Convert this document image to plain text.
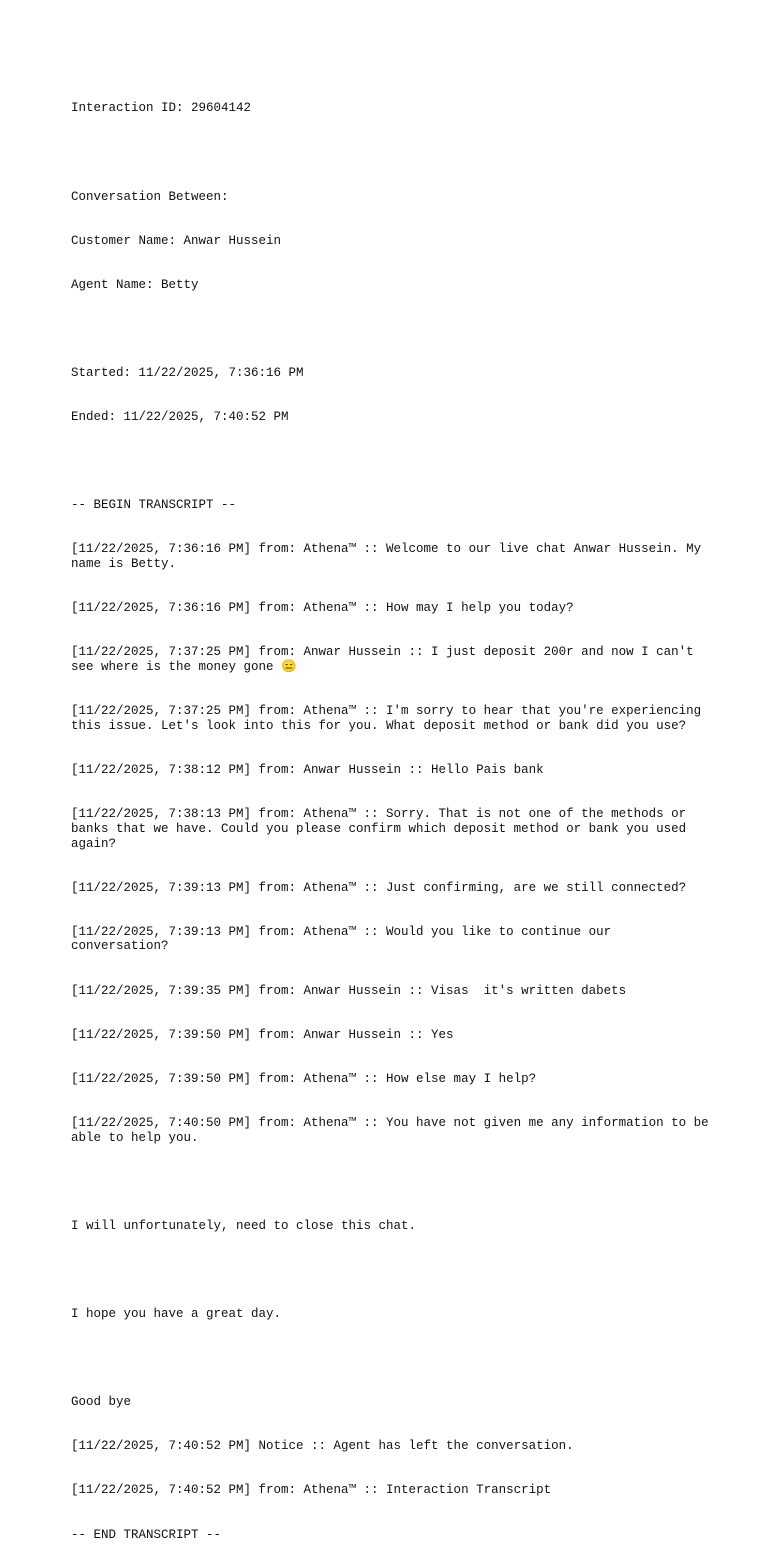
Interaction ID: 29604142

Conversation Between:

Customer Name: Anwar Hussein

Agent Name: Betty

Started: 11/22/2025, 7:36:16 PM

Ended: 11/22/2025, 7:40:52 PM

-- BEGIN TRANSCRIPT --

[11/22/2025, 7:36:16 PM] from: Athena™ :: Welcome to our live chat Anwar Hussein. My name is Betty.

[11/22/2025, 7:36:16 PM] from: Athena™ :: How may I help you today?

[11/22/2025, 7:37:25 PM] from: Anwar Hussein :: I just deposit 200r and now I can't see where is the money gone 😑

[11/22/2025, 7:37:25 PM] from: Athena™ :: I'm sorry to hear that you're experiencing this issue. Let's look into this for you. What deposit method or bank did you use?

[11/22/2025, 7:38:12 PM] from: Anwar Hussein :: Hello Pais bank

[11/22/2025, 7:38:13 PM] from: Athena™ :: Sorry. That is not one of the methods or banks that we have. Could you please confirm which deposit method or bank you used again?

[11/22/2025, 7:39:13 PM] from: Athena™ :: Just confirming, are we still connected?

[11/22/2025, 7:39:13 PM] from: Athena™ :: Would you like to continue our conversation?

[11/22/2025, 7:39:35 PM] from: Anwar Hussein :: Visas  it's written dabets

[11/22/2025, 7:39:50 PM] from: Anwar Hussein :: Yes

[11/22/2025, 7:39:50 PM] from: Athena™ :: How else may I help?

[11/22/2025, 7:40:50 PM] from: Athena™ :: You have not given me any information to be able to help you.

I will unfortunately, need to close this chat.

I hope you have a great day.

Good bye

[11/22/2025, 7:40:52 PM] Notice :: Agent has left the conversation.

[11/22/2025, 7:40:52 PM] from: Athena™ :: Interaction Transcript

-- END TRANSCRIPT --
